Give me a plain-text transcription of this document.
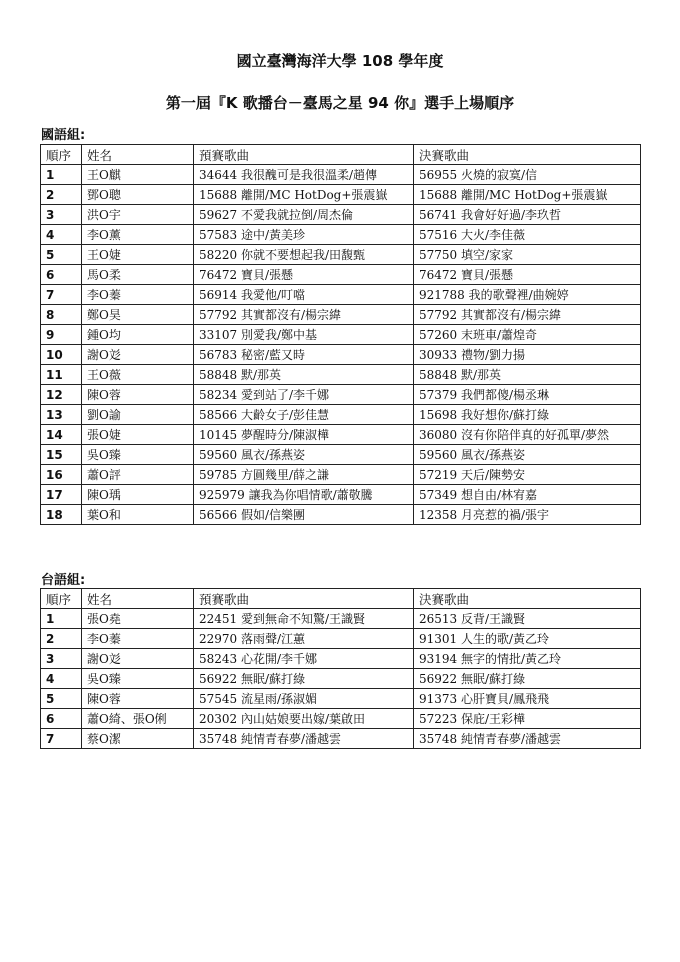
國立臺灣海洋大學 108 學年度
第一屆『K 歌播台－臺馬之星 94 你』選手上場順序
國語組:
順序	姓名	預賽歌曲	決賽歌曲
1	王O麒	34644 我很醜可是我很溫柔/趙傳	56955 火燒的寂寞/信
2	鄧O聰	15688 離開/MC HotDog+張震嶽	15688 離開/MC HotDog+張震嶽
3	洪O宇	59627 不愛我就拉倒/周杰倫	56741 我會好好過/李玖哲
4	李O薰	57583 途中/黃美珍	57516 大火/李佳薇
5	王O婕	58220 你就不要想起我/田馥甄	57750 填空/家家
6	馬O柔	76472 寶貝/張懸	76472 寶貝/張懸
7	李O蓁	56914 我愛他/叮噹	921788 我的歌聲裡/曲婉婷
8	鄭O昊	57792 其實都沒有/楊宗緯	57792 其實都沒有/楊宗緯
9	鍾O均	33107 別愛我/鄭中基	57260 末班車/蕭煌奇
10	謝O彣	56783 秘密/藍又時	30933 禮物/劉力揚
11	王O薇	58848 默/那英	58848 默/那英
12	陳O蓉	58234 愛到站了/李千娜	57379 我們都傻/楊丞琳
13	劉O諭	58566 大齡女子/彭佳慧	15698 我好想你/蘇打綠
14	張O婕	10145 夢醒時分/陳淑樺	36080 沒有你陪伴真的好孤單/夢然
15	吳O臻	59560 風衣/孫燕姿	59560 風衣/孫燕姿
16	蕭O評	59785 方圓幾里/薛之謙	57219 天后/陳勢安
17	陳O瑀	925979 讓我為你唱情歌/蕭敬騰	57349 想自由/林宥嘉
18	葉O和	56566 假如/信樂團	12358 月亮惹的禍/張宇
台語組:
順序	姓名	預賽歌曲	決賽歌曲
1	張O堯	22451 愛到無命不知驚/王識賢	26513 反背/王識賢
2	李O蓁	22970 落雨聲/江蕙	91301 人生的歌/黃乙玲
3	謝O彣	58243 心花開/李千娜	93194 無字的情批/黃乙玲
4	吳O臻	56922 無眠/蘇打綠	56922 無眠/蘇打綠
5	陳O蓉	57545 流星雨/孫淑媚	91373 心肝寶貝/鳳飛飛
6	蕭O綺、張O俐	20302 內山姑娘要出嫁/葉啟田	57223 保庇/王彩樺
7	蔡O潔	35748 純情青春夢/潘越雲	35748 純情青春夢/潘越雲
